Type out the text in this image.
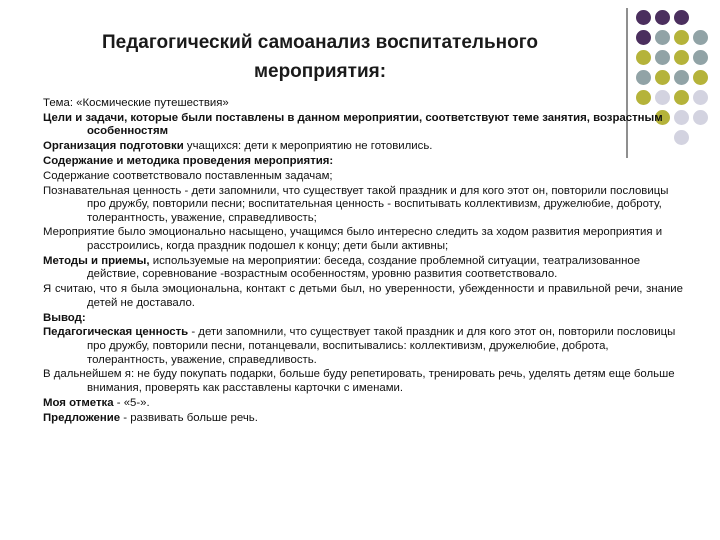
Педагогический самоанализ воспитательного мероприятия:
Тема: «Космические путешествия»
Цели и задачи, которые были поставлены в данном мероприятии, соответствуют теме занятия, возрастным особенностям
Организация подготовки учащихся: дети к мероприятию не готовились.
Содержание и методика проведения мероприятия:
Содержание соответствовало поставленным задачам;
Познавательная ценность - дети запомнили, что существует такой праздник и для кого этот он, повторили пословицы про дружбу, повторили песни; воспитательная ценность - воспитывать коллективизм, дружелюбие, доброту, толерантность, уважение, справедливость;
Мероприятие было эмоционально насыщено, учащимся было интересно следить за ходом развития мероприятия и расстроились, когда праздник подошел к концу; дети были активны;
Методы и приемы, используемые на мероприятии: беседа, создание проблемной ситуации, театрализованное действие, соревнование -возрастным особенностям, уровню развития соответствовало.
Я считаю, что я была эмоциональна, контакт с детьми был, но уверенности, убежденности и правильной речи, знание детей не доставало.
Вывод:
Педагогическая ценность - дети запомнили, что существует такой праздник и для кого этот он, повторили пословицы про дружбу, повторили песни, потанцевали, воспитывались: коллективизм, дружелюбие, доброта, толерантность, уважение, справедливость.
В дальнейшем я: не буду покупать подарки, больше буду репетировать, тренировать речь, уделять детям еще больше внимания, проверять как расставлены карточки с именами.
Моя отметка - «5-».
Предложение - развивать больше речь.
